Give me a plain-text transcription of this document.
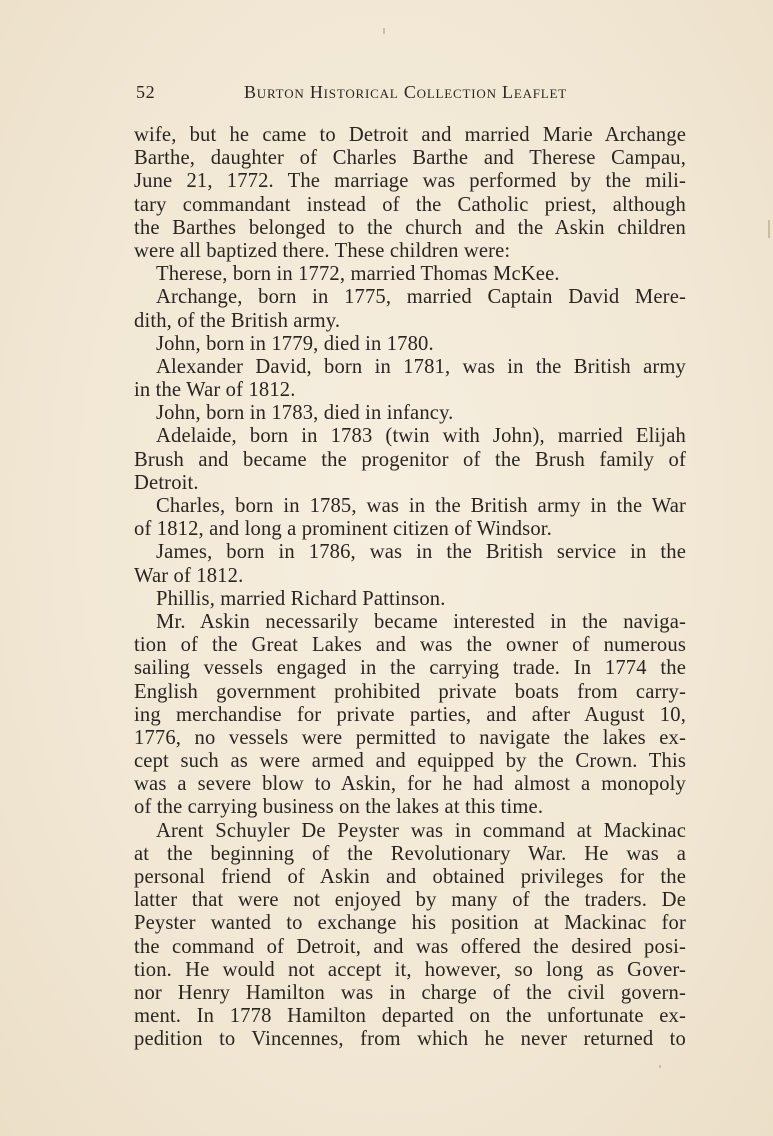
52	Burton Historical Collection Leaflet
wife, but he came to Detroit and married Marie Archange
Barthe, daughter of Charles Barthe and Therese Campau,
June 21, 1772. The marriage was performed by the mili-
tary commandant instead of the Catholic priest, although
the Barthes belonged to the church and the Askin children
were all baptized there. These children were:
Therese, born in 1772, married Thomas McKee.
Archange, born in 1775, married Captain David Mere-
dith, of the British army.
John, born in 1779, died in 1780.
Alexander David, born in 1781, was in the British army
in the War of 1812.
John, born in 1783, died in infancy.
Adelaide, born in 1783 (twin with John), married Elijah
Brush and became the progenitor of the Brush family of
Detroit.
Charles, born in 1785, was in the British army in the War
of 1812, and long a prominent citizen of Windsor.
James, born in 1786, was in the British service in the
War of 1812.
Phillis, married Richard Pattinson.
Mr. Askin necessarily became interested in the naviga-
tion of the Great Lakes and was the owner of numerous
sailing vessels engaged in the carrying trade. In 1774 the
English government prohibited private boats from carry-
ing merchandise for private parties, and after August 10,
1776, no vessels were permitted to navigate the lakes ex-
cept such as were armed and equipped by the Crown. This
was a severe blow to Askin, for he had almost a monopoly
of the carrying business on the lakes at this time.
Arent Schuyler De Peyster was in command at Mackinac
at the beginning of the Revolutionary War. He was a
personal friend of Askin and obtained privileges for the
latter that were not enjoyed by many of the traders. De
Peyster wanted to exchange his position at Mackinac for
the command of Detroit, and was offered the desired posi-
tion. He would not accept it, however, so long as Gover-
nor Henry Hamilton was in charge of the civil govern-
ment. In 1778 Hamilton departed on the unfortunate ex-
pedition to Vincennes, from which he never returned to
